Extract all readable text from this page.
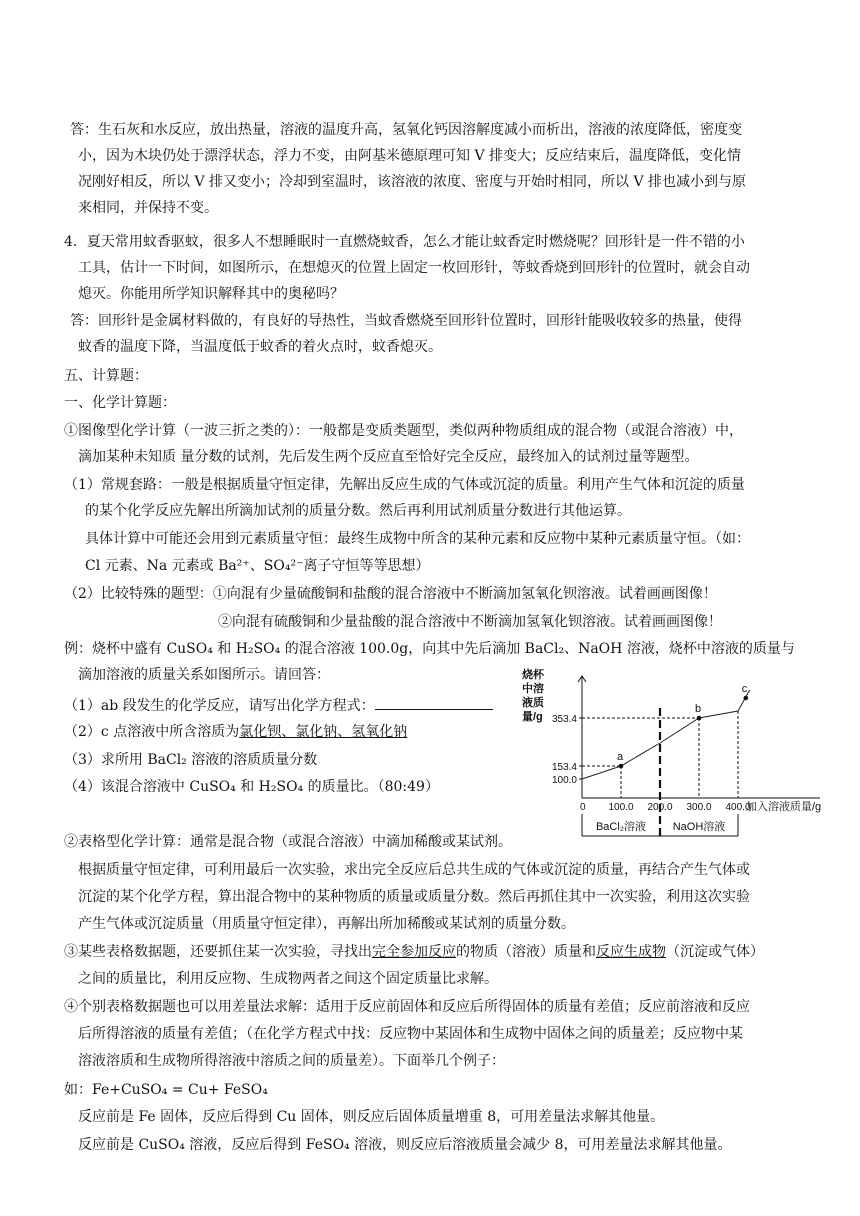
答：生石灰和水反应，放出热量，溶液的温度升高，氢氧化钙因溶解度减小而析出，溶液的浓度降低，密度变
小，因为木块仍处于漂浮状态，浮力不变，由阿基米德原理可知 V 排变大；反应结束后，温度降低，变化情
况刚好相反，所以 V 排又变小；冷却到室温时，该溶液的浓度、密度与开始时相同，所以 V 排也减小到与原
来相同，并保持不变。
4．夏天常用蚊香驱蚊，很多人不想睡眠时一直燃烧蚊香，怎么才能让蚊香定时燃烧呢？回形针是一件不错的小
工具，估计一下时间，如图所示，在想熄灭的位置上固定一枚回形针，等蚊香烧到回形针的位置时，就会自动
熄灭。你能用所学知识解释其中的奥秘吗？
答：回形针是金属材料做的，有良好的导热性，当蚊香燃烧至回形针位置时，回形针能吸收较多的热量，使得
蚊香的温度下降，当温度低于蚊香的着火点时，蚊香熄灭。
五、计算题：
一、化学计算题：
①图像型化学计算（一波三折之类的）：一般都是变质类题型，类似两种物质组成的混合物（或混合溶液）中，
滴加某种未知质 量分数的试剂，先后发生两个反应直至恰好完全反应，最终加入的试剂过量等题型。
（1）常规套路：一般是根据质量守恒定律，先解出反应生成的气体或沉淀的质量。利用产生气体和沉淀的质量
的某个化学反应先解出所滴加试剂的质量分数。然后再利用试剂质量分数进行其他运算。
具体计算中可能还会用到元素质量守恒：最终生成物中所含的某种元素和反应物中某种元素质量守恒。（如：
Cl 元素、Na 元素或 Ba²⁺、SO₄²⁻离子守恒等等思想）
（2）比较特殊的题型：①向混有少量硫酸铜和盐酸的混合溶液中不断滴加氢氧化钡溶液。试着画画图像！
②向混有硫酸铜和少量盐酸的混合溶液中不断滴加氢氧化钡溶液。试着画画图像！
例：烧杯中盛有 CuSO₄ 和 H₂SO₄ 的混合溶液 100.0g，向其中先后滴加 BaCl₂、NaOH 溶液，烧杯中溶液的质量与
滴加溶液的质量关系如图所示。请回答：
（1）ab 段发生的化学反应，请写出化学方程式：
（2）c 点溶液中所含溶质为氯化钡、氯化钠、氢氧化钠
（3）求所用 BaCl₂ 溶液的溶质质量分数
（4）该混合溶液中 CuSO₄ 和 H₂SO₄ 的质量比。（80:49）	100.0
153.4
353.4
a
b
c
0 100.0 200.0 300.0 400.0
加入溶液质量/g
烧杯
中溶
液质
量/g
BaCl₂溶液 NaOH溶液
②表格型化学计算：通常是混合物（或混合溶液）中滴加稀酸或某试剂。
根据质量守恒定律，可利用最后一次实验，求出完全反应后总共生成的气体或沉淀的质量，再结合产生气体或
沉淀的某个化学方程，算出混合物中的某种物质的质量或质量分数。然后再抓住其中一次实验，利用这次实验
产生气体或沉淀质量（用质量守恒定律），再解出所加稀酸或某试剂的质量分数。
③某些表格数据题，还要抓住某一次实验，寻找出完全参加反应的物质（溶液）质量和反应生成物（沉淀或气体）
之间的质量比，利用反应物、生成物两者之间这个固定质量比求解。
④个别表格数据题也可以用差量法求解：适用于反应前固体和反应后所得固体的质量有差值；反应前溶液和反应
后所得溶液的质量有差值；（在化学方程式中找：反应物中某固体和生成物中固体之间的质量差；反应物中某
溶液溶质和生成物所得溶液中溶质之间的质量差）。下面举几个例子：
如：Fe+CuSO₄ = Cu+ FeSO₄
反应前是 Fe 固体，反应后得到 Cu 固体，则反应后固体质量增重 8，可用差量法求解其他量。
反应前是 CuSO₄ 溶液，反应后得到 FeSO₄ 溶液，则反应后溶液质量会减少 8，可用差量法求解其他量。
